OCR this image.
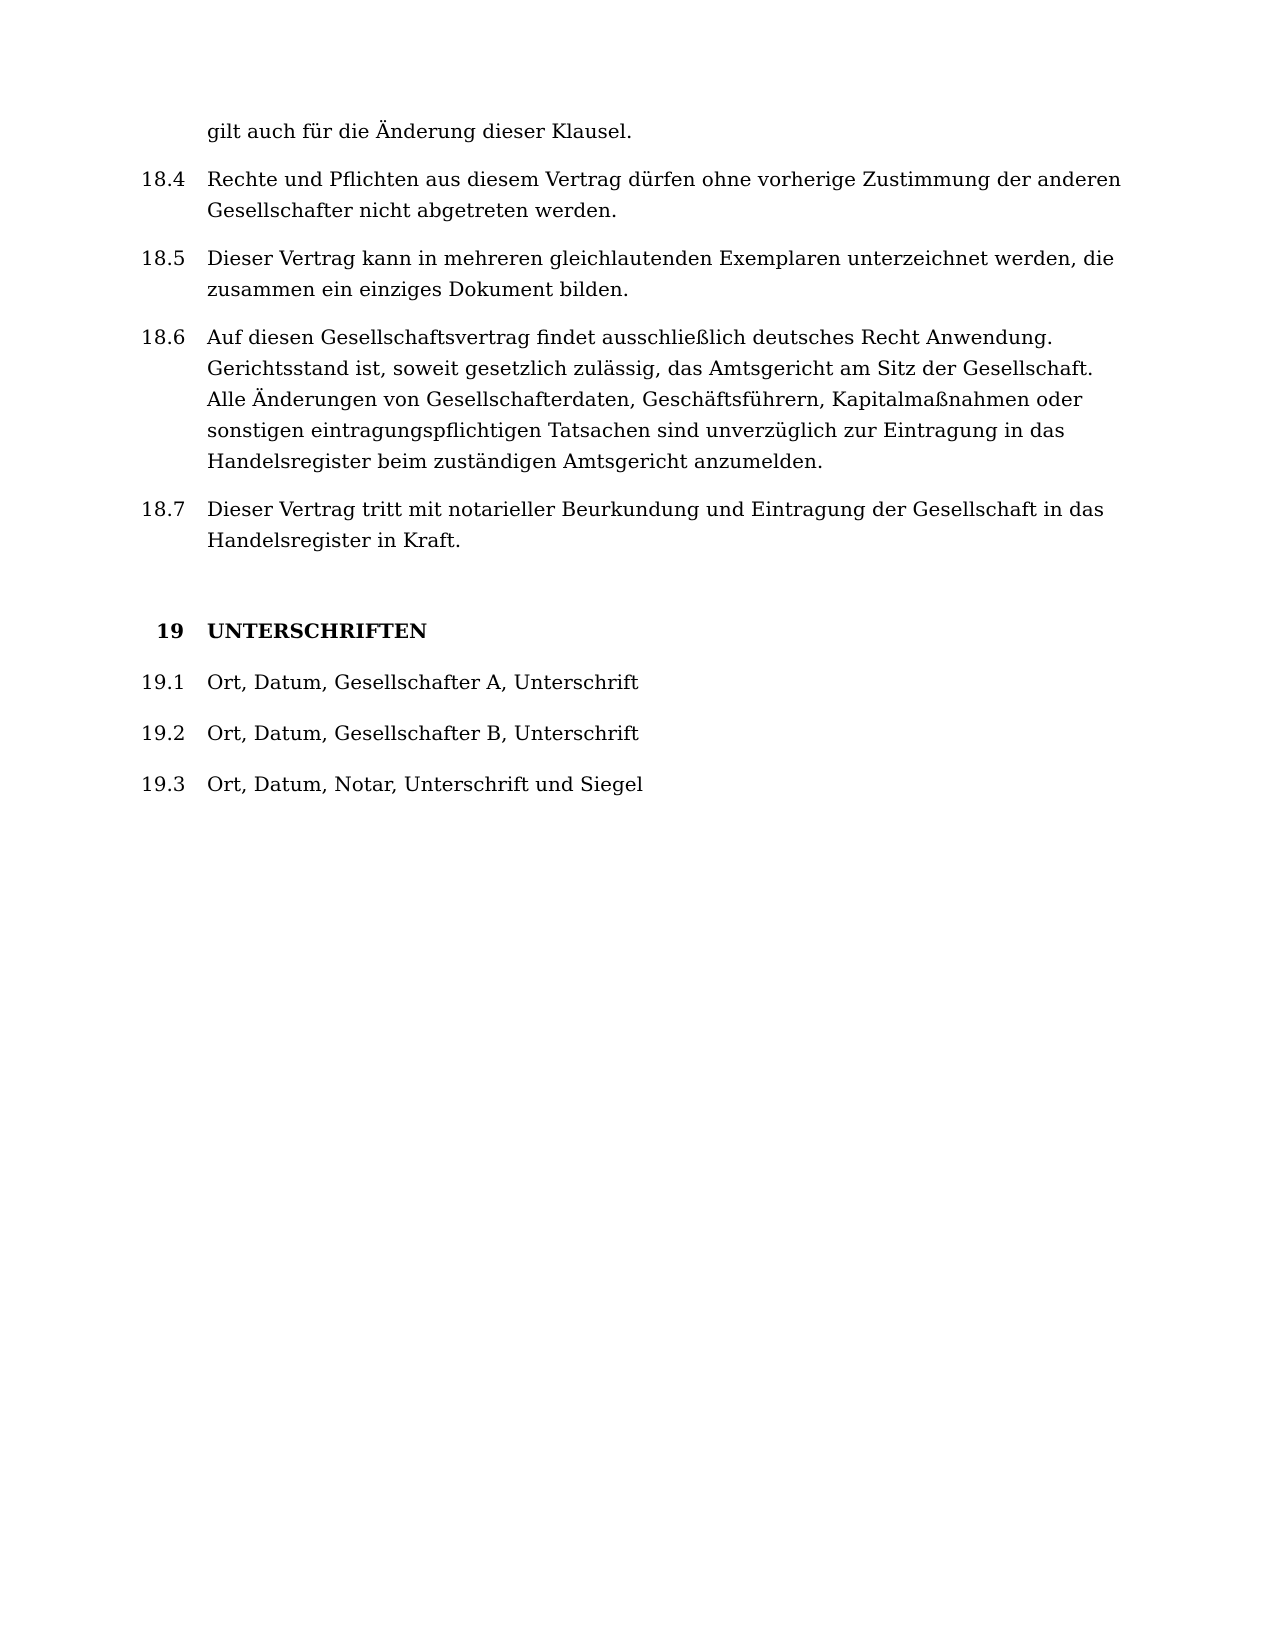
gilt auch für die Änderung dieser Klausel.
18.4	Rechte und Pflichten aus diesem Vertrag dürfen ohne vorherige Zustimmung der anderen Gesellschafter nicht abgetreten werden.
18.5	Dieser Vertrag kann in mehreren gleichlautenden Exemplaren unterzeichnet werden, die zusammen ein einziges Dokument bilden.
18.6	Auf diesen Gesellschaftsvertrag findet ausschließlich deutsches Recht Anwendung. Gerichtsstand ist, soweit gesetzlich zulässig, das Amtsgericht am Sitz der Gesellschaft. Alle Änderungen von Gesellschafterdaten, Geschäftsführern, Kapitalmaßnahmen oder sonstigen eintragungspflichtigen Tatsachen sind unverzüglich zur Eintragung in das Handelsregister beim zuständigen Amtsgericht anzumelden.
18.7	Dieser Vertrag tritt mit notarieller Beurkundung und Eintragung der Gesellschaft in das Handelsregister in Kraft.
19	UNTERSCHRIFTEN
19.1	Ort, Datum, Gesellschafter A, Unterschrift
19.2	Ort, Datum, Gesellschafter B, Unterschrift
19.3	Ort, Datum, Notar, Unterschrift und Siegel
